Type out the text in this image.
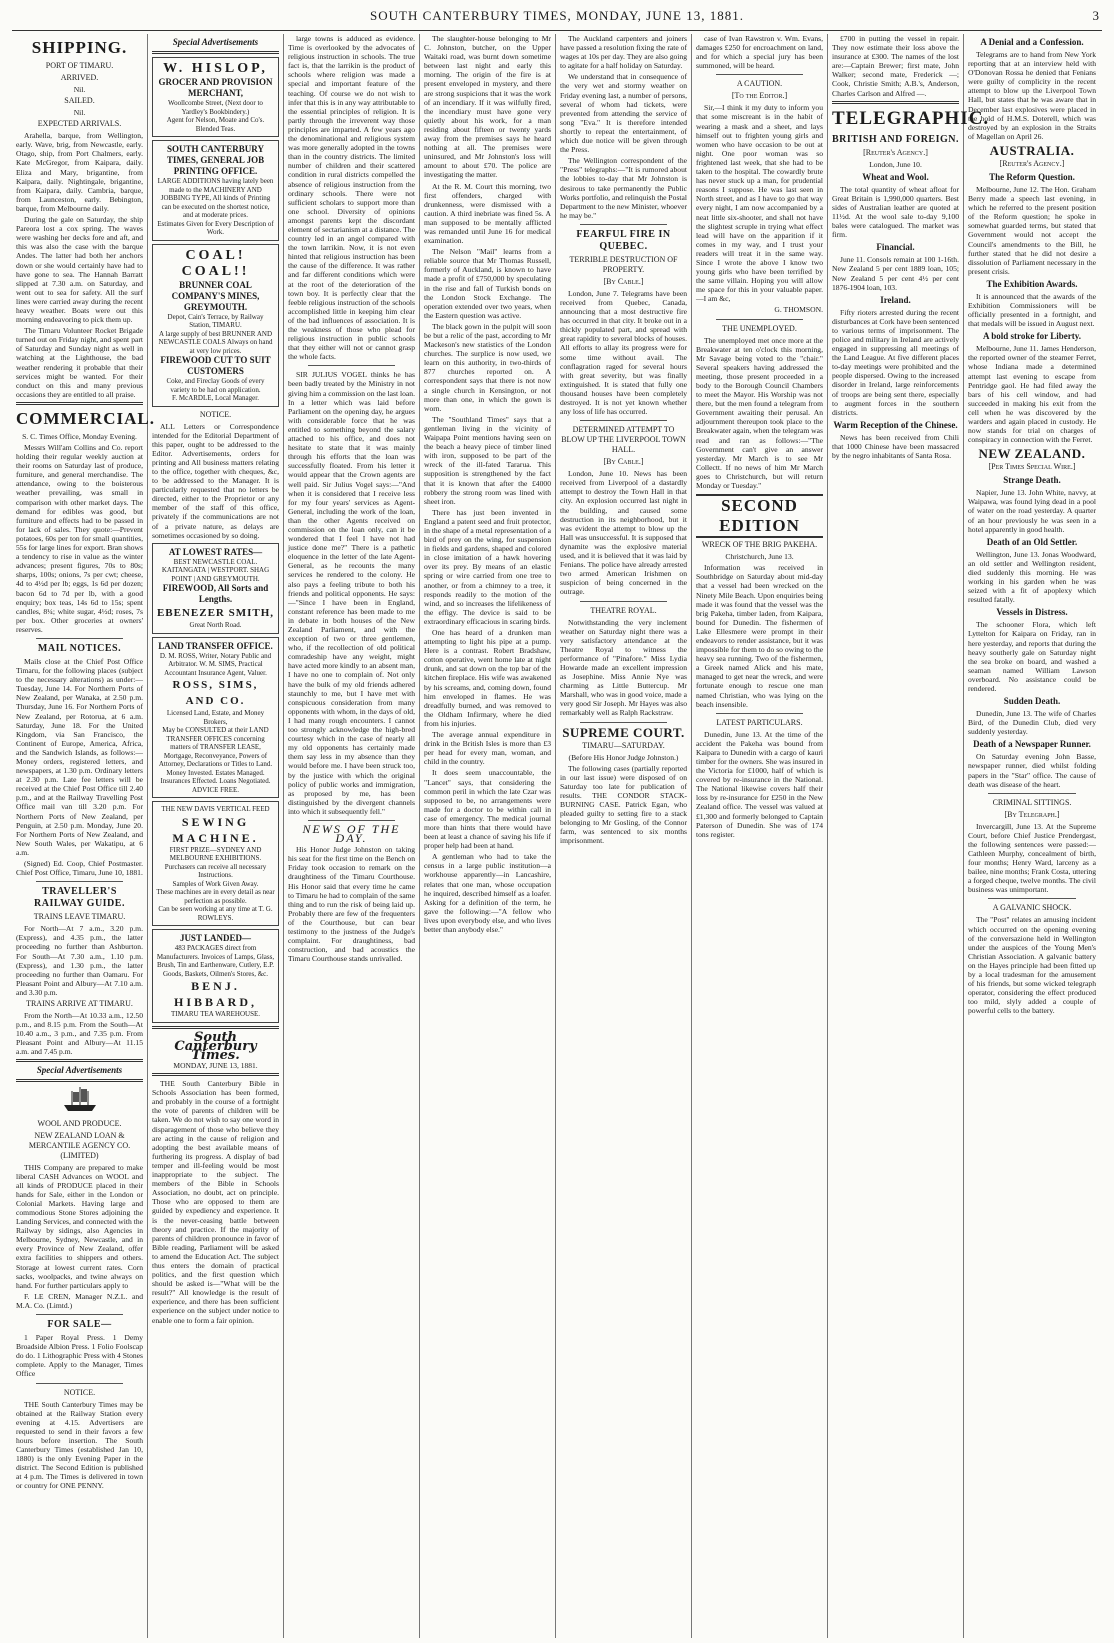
SOUTH CANTERBURY TIMES, MONDAY, JUNE 13, 1881.	3
SHIPPING.
PORT OF TIMARU.
ARRIVED.

Nil.

SAILED.

Nil.

EXPECTED ARRIVALS.

Arahella, barque, from Wellington, early. Wave, brig, from Newcastle, early. Otago, ship, from Port Chalmers, early. Kate McGregor, from Kaipara, daily. Eliza and Mary, brigantine, from Kaipara, daily. Nightingale, brigantine, from Kaipara, daily. Cambria, barque, from Launceston, early. Bebington, barque, from Melbourne daily.

During the gale on Saturday, the ship Pareora lost a cox spring. The waves were washing her decks fore and aft, and this was also the case with the barque Andes. The latter had both her anchors down or she would certainly have had to have gone to sea. The Hannah Barratt slipped at 7.30 a.m. on Saturday, and went out to sea for safety. All the surf lines were carried away during the recent heavy weather. Boats were out this morning endeavoring to pick them up.

The Timaru Volunteer Rocket Brigade turned out on Friday night, and spent part of Saturday and Sunday night as well in watching at the Lighthouse, the bad weather rendering it probable that their services might be wanted. For their conduct on this and many previous occasions they are entitled to all praise.

COMMERCIAL.

S. C. Times Office, Monday Evening.

Messrs Will'am Collins and Co. report holding their regular weekly auction at their rooms on Saturday last of produce, furniture, and general merchandise. The attendance, owing to the boisterous weather prevailing, was small in comparison with other market days. The demand for edibles was good, but furniture and effects had to be passed in for lack of sales. They quote:—Prevent potatoes, 60s per ton for small quantities, 55s for large lines for export. Bran shows a tendency to rise in value as the winter advances; present figures, 70s to 80s; sharps, 100s; onions, 7s per cwt; cheese, 4d to 4½d per lb; eggs, 1s 6d per dozen; bacon 6d to 7d per lb, with a good enquiry; box teas, 14s 6d to 15s; spent candles, 8¼; white sugar, 4½d; roses, 7s per box. Other groceries at owners' reserves.

MAIL NOTICES.

Mails close at the Chief Post Office Timaru, for the following places (subject to the necessary alterations) as under:— Tuesday, June 14. For Northern Ports of New Zealand, per Wanaka, at 2.50 p.m. Thursday, June 16. For Northern Ports of New Zealand, per Rotorua, at 6 a.m. Saturday, June 18. For the United Kingdom, via San Francisco, the Continent of Europe, America, Africa, and the Sandwich Islands, as follows:— Money orders, registered letters, and newspapers, at 1.30 p.m. Ordinary letters at 2.30 p.m. Late fee letters will be received at the Chief Post Office till 2.40 p.m., and at the Railway Travelling Post Office mail van till 3.20 p.m. For Northern Ports of New Zealand, per Penguin, at 2.50 p.m. Monday, June 20. For Northern Ports of New Zealand, and New South Wales, per Wakatipu, at 6 a.m.

(Signed) Ed. Coop, Chief Postmaster. Chief Post Office, Timaru, June 10, 1881.

TRAVELLER'S RAILWAY GUIDE.
TRAINS LEAVE TIMARU.

For North—At 7 a.m., 3.20 p.m. (Express), and 4.35 p.m., the latter proceeding no further than Ashburton. For South—At 7.30 a.m., 1.10 p.m. (Express), and 1.30 p.m., the latter proceeding no further than Oamaru. For Pleasant Point and Albury—At 7.10 a.m. and 3.30 p.m.

TRAINS ARRIVE AT TIMARU.

From the North—At 10.33 a.m., 12.50 p.m., and 8.15 p.m. From the South—At 10.40 a.m., 3 p.m., and 7.35 p.m. From Pleasant Point and Albury—At 11.15 a.m. and 7.45 p.m.

Special Advertisements
WOOL AND PRODUCE.
NEW ZEALAND LOAN & MERCANTILE AGENCY CO. (LIMITED)

THIS Company are prepared to make liberal CASH Advances on WOOL and all kinds of PRODUCE placed in their hands for Sale, either in the London or Colonial Markets. Having large and commodious Stone Stores adjoining the Landing Services, and connected with the Railway by sidings, also Agencies in Melbourne, Sydney, Newcastle, and in every Province of New Zealand, offer extra facilities to shippers and others. Storage at lowest current rates. Corn sacks, woolpacks, and twine always on hand. For further particulars apply to

F. LE CREN, Manager N.Z.L. and M.A. Co. (Limtd.)

FOR SALE—

1 Paper Royal Press. 1 Demy Broadside Albion Press. 1 Folio Foolscap do do. 1 Lithographic Press with 4 Stones complete. Apply to the Manager, Times Office

NOTICE.

THE South Canterbury Times may be obtained at the Railway Station every evening at 4.15. Advertisers are requested to send in their favors a few hours before insertion. The South Canterbury Times (established Jan 10, 1880) is the only Evening Paper in the district. The Second Edition is published at 4 p.m. The Times is delivered in town or country for ONE PENNY.

Special Advertisements
W. HISLOP,
GROCER AND PROVISION MERCHANT,
Woollcombe Street, (Next door to Yardley's Bookbindery.)
Agent for Nelson, Moate and Co's. Blended Teas.
SOUTH CANTERBURY TIMES, GENERAL JOB PRINTING OFFICE.
LARGE ADDITIONS having lately been made to the MACHINERY AND JOBBING TYPE, All kinds of Printing can be executed on the shortest notice, and at moderate prices.
Estimates Given for Every Description of Work.
COAL! COAL!!
BRUNNER COAL COMPANY'S MINES, GREYMOUTH.
Depot, Cain's Terrace, by Railway Station, TIMARU.
A large supply of best BRUNNER AND NEWCASTLE COALS Always on hand at very low prices.
FIREWOOD CUT TO SUIT CUSTOMERS
Coke, and Fireclay Goods of every variety to be had on application.
F. McARDLE, Local Manager.
NOTICE.

ALL Letters or Correspondence intended for the Editorial Department of this paper, ought to be addressed to the Editor. Advertisements, orders for printing and All business matters relating to the office, together with cheques, &c, to be addressed to the Manager. It is particularly requested that no letters be directed, either to the Proprietor or any member of the staff of this office, privately if the communications are not of a private nature, as delays are sometimes occasioned by so doing.

AT LOWEST RATES—
BEST NEWCASTLE COAL. KAITANGATA | WESTPORT. SHAG POINT | AND GREYMOUTH.
FIREWOOD, All Sorts and Lengths.
EBENEZER SMITH,
Great North Road.
LAND TRANSFER OFFICE.
D. M. ROSS, Writer, Notary Public and Arbitrator. W. M. SIMS, Practical Accountant Insurance Agent, Valuer.
ROSS, SIMS, AND CO.
Licensed Land, Estate, and Money Brokers,
May be CONSULTED at their LAND TRANSFER OFFICES concerning matters of TRANSFER LEASE, Mortgage, Reconveyance, Powers of Attorney, Declarations or Titles to Land. Money Invested. Estates Managed. Insurances Effected. Loans Negotiated. ADVICE FREE.
THE NEW DAVIS VERTICAL FEED
SEWING MACHINE.
FIRST PRIZE—SYDNEY AND MELBOURNE EXHIBITIONS.
Purchasers can receive all necessary Instructions.
Samples of Work Given Away.
These machines are in every detail as near perfection as possible.
Can be seen working at any time at T. G. ROWLEYS.
JUST LANDED—
483 PACKAGES direct from Manufacturers. Invoices of Lamps, Glass, Brush, Tin and Earthenware, Cutlery, E.P. Goods, Baskets, Oilmen's Stores, &c.
BENJ. HIBBARD,
TIMARU TEA WAREHOUSE.
South Canterbury Times.
MONDAY, JUNE 13, 1881.

THE South Canterbury Bible in Schools Association has been formed, and probably in the course of a fortnight the vote of parents of children will be taken. We do not wish to say one word in disparagement of those who believe they are acting in the cause of religion and adopting the best available means of furthering its progress. A display of bad temper and ill-feeling would be most inappropriate to the subject. The members of the Bible in Schools Association, no doubt, act on principle. Those who are opposed to them are guided by expediency and experience. It is the never-ceasing battle between theory and practice. If the majority of parents of children pronounce in favor of Bible reading, Parliament will be asked to amend the Education Act. The subject thus enters the domain of practical politics, and the first question which should be asked is—"What will be the result?" All knowledge is the result of experience, and there has been sufficient experience on the subject under notice to enable one to form a fair opinion.

large towns is adduced as evidence. Time is overlooked by the advocates of religious instruction in schools. The true fact is, that the larrikin is the product of schools where religion was made a special and important feature of the teaching. Of course we do not wish to infer that this is in any way attributable to the essential principles of religion. It is partly through the irreverent way those principles are imparted. A few years ago the denominational and religious system was more generally adopted in the towns than in the country districts. The limited number of children and their scattered condition in rural districts compelled the absence of religious instruction from the ordinary schools. There were not sufficient scholars to support more than one school. Diversity of opinions amongst parents kept the discordant element of sectarianism at a distance. The country led in an angel compared with the town larrikin. Now, it is not even hinted that religious instruction has been the cause of the difference. It was rather and far different conditions which were at the root of the deterioration of the town boy. It is perfectly clear that the feeble religious instruction of the schools accomplished little in keeping him clear of the bad influences of association. It is the weakness of those who plead for religious instruction in public schools that they either will not or cannot grasp the whole facts.

SIR JULIUS VOGEL thinks he has been badly treated by the Ministry in not giving him a commission on the last loan. In a letter which was laid before Parliament on the opening day, he argues with considerable force that he was entitled to something beyond the salary attached to his office, and does not hesitate to state that it was mainly through his efforts that the loan was successfully floated. From his letter it would appear that the Crown agents are well paid. Sir Julius Vogel says:—"And when it is considered that I receive less for my four years' services as Agent-General, including the work of the loan, than the other Agents received on commission on the loan only, can it be wondered that I feel I have not had justice done me?" There is a pathetic eloquence in the letter of the late Agent-General, as he recounts the many services he rendered to the colony. He also pays a feeling tribute to both his friends and political opponents. He says:—"Since I have been in England, constant reference has been made to me in debate in both houses of the New Zealand Parliament, and with the exception of two or three gentlemen, who, if the recollection of old political comradeship have any weight, might have acted more kindly to an absent man, I have no one to complain of. Not only have the bulk of my old friends adhered staunchly to me, but I have met with conspicuous consideration from many opponents with whom, in the days of old, I had many rough encounters. I cannot too strongly acknowledge the high-bred courtesy which in the case of nearly all my old opponents has certainly made them say less in my absence than they would before me. I have been struck too, by the justice with which the original policy of public works and immigration, as proposed by me, has been distinguished by the divergent channels into which it subsequently fell."

NEWS OF THE DAY.

His Honor Judge Johnston on taking his seat for the first time on the Bench on Friday took occasion to remark on the draughtiness of the Timaru Courthouse. His Honor said that every time he came to Timaru he had to complain of the same thing and to run the risk of being laid up. Probably there are few of the frequenters of the Courthouse, but can bear testimony to the justness of the Judge's complaint. For draughtiness, bad construction, and bad acoustics the Timaru Courthouse stands unrivalled.

The slaughter-house belonging to Mr C. Johnston, butcher, on the Upper Waitaki road, was burnt down sometime between last night and early this morning. The origin of the fire is at present enveloped in mystery, and there are strong suspicions that it was the work of an incendiary. If it was wilfully fired, the incendiary must have gone very quietly about his work, for a man residing about fifteen or twenty yards away from the premises says he heard nothing at all. The premises were uninsured, and Mr Johnston's loss will amount to about £70. The police are investigating the matter.

At the R. M. Court this morning, two first offenders, charged with drunkenness, were dismissed with a caution. A third inebriate was fined 5s. A man supposed to be mentally afflicted was remanded until June 16 for medical examination.

The Nelson "Mail" learns from a reliable source that Mr Thomas Russell, formerly of Auckland, is known to have made a profit of £750,000 by speculating in the rise and fall of Turkish bonds on the London Stock Exchange. The operation extended over two years, when the Eastern question was active.

The black gown in the pulpit will soon be but a relic of the past, according to Mr Mackeson's new statistics of the London churches. The surplice is now used, we learn on this authority, in two-thirds of 877 churches reported on. A correspondent says that there is not now a single church in Kensington, or not more than one, in which the gown is worn.

The "Southland Times" says that a gentleman living in the vicinity of Waipapa Point mentions having seen on the beach a heavy piece of timber lined with iron, supposed to be part of the wreck of the ill-fated Tararua. This supposition is strengthened by the fact that it is known that after the £4000 robbery the strong room was lined with sheet iron.

There has just been invented in England a patent seed and fruit protector, in the shape of a metal representation of a bird of prey on the wing, for suspension in fields and gardens, shaped and colored in close imitation of a hawk hovering over its prey. By means of an elastic spring or wire carried from one tree to another, or from a chimney to a tree, it responds readily to the motion of the wind, and so increases the lifelikeness of the effigy. The device is said to be extraordinary efficacious in scaring birds.

One has heard of a drunken man attempting to light his pipe at a pump. Here is a contrast. Robert Bradshaw, cotton operative, went home late at night drunk, and sat down on the top bar of the kitchen fireplace. His wife was awakened by his screams, and, coming down, found him enveloped in flames. He was dreadfully burned, and was removed to the Oldham Infirmary, where he died from his injuries.

The average annual expenditure in drink in the British Isles is more than £3 per head for every man, woman, and child in the country.

It does seem unaccountable, the "Lancet" says, that considering the common peril in which the late Czar was supposed to be, no arrangements were made for a doctor to be within call in case of emergency. The medical journal more than hints that there would have been at least a chance of saving his life if proper help had been at hand.

A gentleman who had to take the census in a large public institution—a workhouse apparently—in Lancashire, relates that one man, whose occupation he inquired, described himself as a loafer. Asking for a definition of the term, he gave the following:—"A fellow who lives upon everybody else, and who lives better than anybody else."

The Auckland carpenters and joiners have passed a resolution fixing the rate of wages at 10s per day. They are also going to agitate for a half holiday on Saturday.

We understand that in consequence of the very wet and stormy weather on Friday evening last, a number of persons, several of whom had tickets, were prevented from attending the service of song "Eva." It is therefore intended shortly to repeat the entertainment, of which due notice will be given through the Press.

The Wellington correspondent of the "Press" telegraphs:—"It is rumored about the lobbies to-day that Mr Johnston is desirous to take permanently the Public Works portfolio, and relinquish the Postal Department to the new Minister, whoever he may be."

FEARFUL FIRE IN QUEBEC.
TERRIBLE DESTRUCTION OF PROPERTY.
[By Cable.]

London, June 7. Telegrams have been received from Quebec, Canada, announcing that a most destructive fire has occurred in that city. It broke out in a thickly populated part, and spread with great rapidity to several blocks of houses. All efforts to allay its progress were for some time without avail. The conflagration raged for several hours with great severity, but was finally extinguished. It is stated that fully one thousand houses have been completely destroyed. It is not yet known whether any loss of life has occurred.

DETERMINED ATTEMPT TO BLOW UP THE LIVERPOOL TOWN HALL.
[By Cable.]

London, June 10. News has been received from Liverpool of a dastardly attempt to destroy the Town Hall in that city. An explosion occurred last night in the building, and caused some destruction in its neighborhood, but it was evident the attempt to blow up the Hall was unsuccessful. It is supposed that dynamite was the explosive material used, and it is believed that it was laid by Fenians. The police have already arrested two armed American Irishmen on suspicion of being concerned in the outrage.

THEATRE ROYAL.

Notwithstanding the very inclement weather on Saturday night there was a very satisfactory attendance at the Theatre Royal to witness the performance of "Pinafore." Miss Lydia Howarde made an excellent impression as Josephine. Miss Annie Nye was charming as Little Buttercup. Mr Marshall, who was in good voice, made a very good Sir Joseph. Mr Hayes was also remarkably well as Ralph Rackstraw.

SUPREME COURT.
TIMARU—SATURDAY.

(Before His Honor Judge Johnston.)

The following cases (partially reported in our last issue) were disposed of on Saturday too late for publication of results. THE CONDOR STACK-BURNING CASE. Patrick Egan, who pleaded guilty to setting fire to a stack belonging to Mr Gosling, of the Connor farm, was sentenced to six months imprisonment.

case of Ivan Rawstron v. Wm. Evans, damages £250 for encroachment on land, and for which a special jury has been summoned, will be heard.

A CAUTION.
[To the Editor.]

Sir,—I think it my duty to inform you that some miscreant is in the habit of wearing a mask and a sheet, and lays himself out to frighten young girls and women who have occasion to be out at night. One poor woman was so frightened last week, that she had to be taken to the hospital. The cowardly brute has never stuck up a man, for prudential reasons I suppose. He was last seen in North street, and as I have to go that way every night, I am now accompanied by a neat little six-shooter, and shall not have the slightest scruple in trying what effect lead will have on the apparition if it comes in my way, and I trust your readers will treat it in the same way. Since I wrote the above I know two young girls who have been terrified by the same villain. Hoping you will allow me space for this in your valuable paper.—I am &c,

G. THOMSON.

THE UNEMPLOYED.

The unemployed met once more at the Breakwater at ten o'clock this morning, Mr Savage being voted to the "chair." Several speakers having addressed the meeting, those present proceeded in a body to the Borough Council Chambers to meet the Mayor. His Worship was not there, but the men found a telegram from Government awaiting their perusal. An adjournment thereupon took place to the Breakwater again, when the telegram was read and ran as follows:—"The Government can't give an answer yesterday. Mr March is to see Mr Collectt. If no news of him Mr March goes to Christchurch, but will return Monday or Tuesday."

SECOND EDITION
WRECK OF THE BRIG PAKEHA.

Christchurch, June 13.

Information was received in Southbridge on Saturday about mid-day that a vessel had been wrecked on the Ninety Mile Beach. Upon enquiries being made it was found that the vessel was the brig Pakeha, timber laden, from Kaipara, bound for Dunedin. The fishermen of Lake Ellesmere were prompt in their endeavors to render assistance, but it was impossible for them to do so owing to the heavy sea running. Two of the fishermen, a Greek named Alick and his mate, managed to get near the wreck, and were fortunate enough to rescue one man named Christian, who was lying on the beach insensible.

LATEST PARTICULARS.

Dunedin, June 13. At the time of the accident the Pakeha was bound from Kaipara to Dunedin with a cargo of kauri timber for the owners. She was insured in the Victoria for £1000, half of which is covered by re-insurance in the National. The National likewise covers half their loss by re-insurance for £250 in the New Zealand office. The vessel was valued at £1,300 and formerly belonged to Captain Paterson of Dunedin. She was of 174 tons register.

£700 in putting the vessel in repair. They now estimate their loss above the insurance at £300. The names of the lost are:—Captain Brewer; first mate, John Walker; second mate, Frederick —; Cook, Christie Smith; A.B.'s, Anderson, Charles Carlson and Alfred —.

TELEGRAPHIC.
BRITISH AND FOREIGN.
[Reuter's Agency.]

London, June 10.

Wheat and Wool.

The total quantity of wheat afloat for Great Britain is 1,990,000 quarters. Best sides of Australian leather are quoted at 11½d. At the wool sale to-day 9,100 bales were catalogued. The market was firm.

Financial.

June 11. Consols remain at 100 1-16th. New Zealand 5 per cent 1889 loan, 105; New Zealand 5 per cent 4½ per cent 1876-1904 loan, 103.

Ireland.

Fifty rioters arrested during the recent disturbances at Cork have been sentenced to various terms of imprisonment. The police and military in Ireland are actively engaged in suppressing all meetings of the Land League. At five different places to-day meetings were prohibited and the people dispersed. Owing to the increased disorder in Ireland, large reinforcements of troops are being sent there, especially to augment forces in the southern districts.

Warm Reception of the Chinese.

News has been received from Chili that 1000 Chinese have been massacred by the negro inhabitants of Santa Rosa.

A Denial and a Confession.

Telegrams are to hand from New York reporting that at an interview held with O'Donovan Rossa he denied that Fenians were guilty of complicity in the recent attempt to blow up the Liverpool Town Hall, but states that he was aware that in December last explosives were placed in the hold of H.M.S. Doterell, which was destroyed by an explosion in the Straits of Magellan on April 26.

AUSTRALIA.
[Reuter's Agency.]
The Reform Question.

Melbourne, June 12. The Hon. Graham Berry made a speech last evening, in which he referred to the present position of the Reform question; he spoke in somewhat guarded terms, but stated that Government would not accept the Council's amendments to the Bill, he further stated that he did not desire a dissolution of Parliament necessary in the present crisis.

The Exhibition Awards.

It is announced that the awards of the Exhibition Commissioners will be officially presented in a fortnight, and that medals will be issued in August next.

A bold stroke for Liberty.

Melbourne, June 11. James Henderson, the reported owner of the steamer Ferret, whose Indiana made a determined attempt last evening to escape from Pentridge gaol. He had filed away the bars of his cell window, and had succeeded in making his exit from the cell when he was discovered by the warders and again placed in custody. He now stands for trial on charges of conspiracy in connection with the Ferret.

NEW ZEALAND.
[Per Times Special Wire.]
Strange Death.

Napier, June 13. John White, navvy, at Waipawa, was found lying dead in a pool of water on the road yesterday. A quarter of an hour previously he was seen in a hotel apparently in good health.

Death of an Old Settler.

Wellington, June 13. Jonas Woodward, an old settler and Wellington resident, died suddenly this morning. He was working in his garden when he was seized with a fit of apoplexy which resulted fatally.

Vessels in Distress.

The schooner Flora, which left Lyttelton for Kaipara on Friday, ran in here yesterday, and reports that during the heavy southerly gale on Saturday night the sea broke on board, and washed a seaman named William Lawson overboard. No assistance could be rendered.

Sudden Death.

Dunedin, June 13. The wife of Charles Bird, of the Dunedin Club, died very suddenly yesterday.

Death of a Newspaper Runner.

On Saturday evening John Basse, newspaper runner, died whilst folding papers in the "Star" office. The cause of death was disease of the heart.

CRIMINAL SITTINGS.
[By Telegraph.]

Invercargill, June 13. At the Supreme Court, before Chief Justice Prendergast, the following sentences were passed:—Cathleen Murphy, concealment of birth, four months; Henry Ward, larceny as a bailee, nine months; Frank Costa, uttering a forged cheque, twelve months. The civil business was unimportant.

A GALVANIC SHOCK.

The "Post" relates an amusing incident which occurred on the opening evening of the conversazione held in Wellington under the auspices of the Young Men's Christian Association. A galvanic battery on the Hayes principle had been fitted up by a local tradesman for the amusement of his friends, but some wicked telegraph operator, considering the effect produced too mild, slyly added a couple of powerful cells to the battery.
